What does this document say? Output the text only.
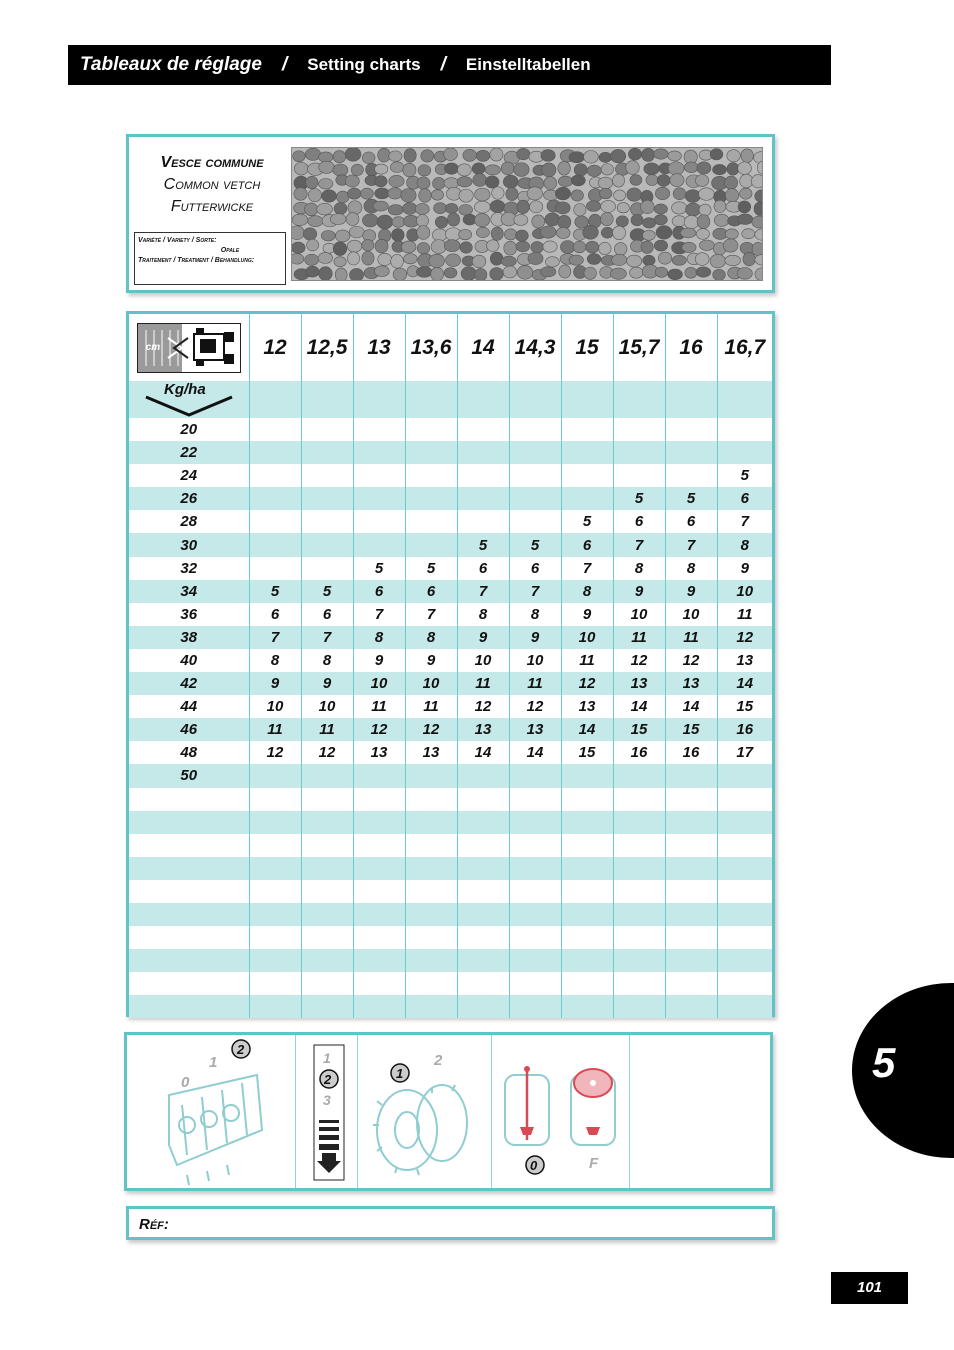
Tableaux de réglage / Setting charts / Einstelltabellen
Vesce commune
Common vetch
Futterwicke
Variété / Variety / Sorte:
Opale
Traitement / Treatment / Behandlung:
cm	12	12,5	13	13,6	14	14,3	15	15,7	16	16,7

Kg/ha										

20										
22										
24										5
26								5	5	6
28							5	6	6	7
30					5	5	6	7	7	8
32			5	5	6	6	7	8	8	9
34	5	5	6	6	7	7	8	9	9	10
36	6	6	7	7	8	8	9	10	10	11
38	7	7	8	8	9	9	10	11	11	12
40	8	8	9	9	10	10	11	12	12	13
42	9	9	10	10	11	11	12	13	13	14
44	10	10	11	11	12	12	13	14	14	15
46	11	11	12	12	13	13	14	15	15	16
48	12	12	13	13	14	14	15	16	16	17
50										

0
1
2
1
2
3
1
2
0	F
Réf:
5
101
